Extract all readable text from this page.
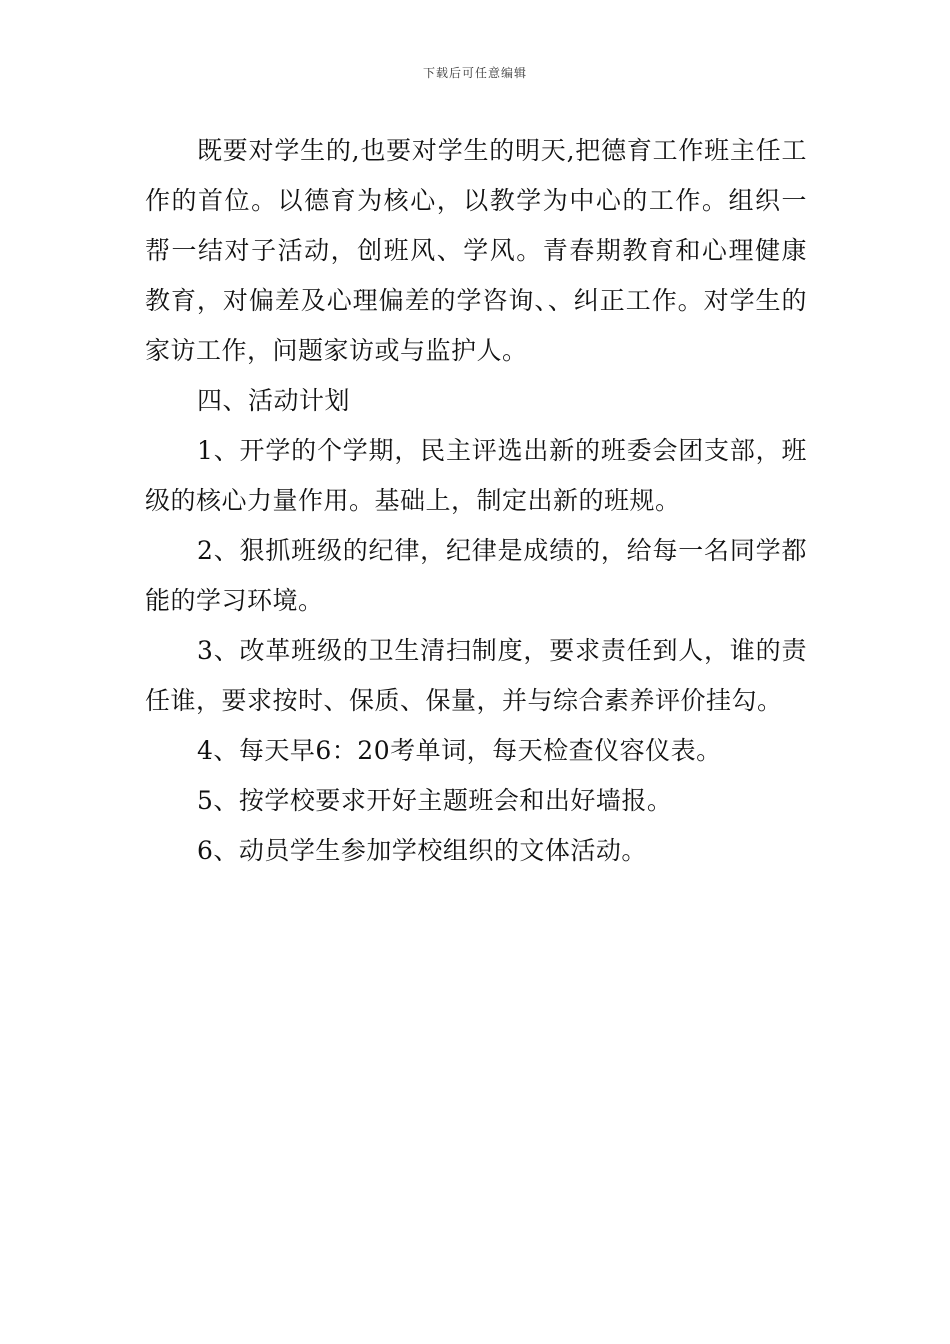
下载后可任意编辑

既要对学生的,也要对学生的明天,把德育工作班主任工作的首位。以德育为核心，以教学为中心的工作。组织一帮一结对子活动，创班风、学风。青春期教育和心理健康教育，对偏差及心理偏差的学咨询、、纠正工作。对学生的家访工作，问题家访或与监护人。

四、活动计划

1、开学的个学期，民主评选出新的班委会团支部，班级的核心力量作用。基础上，制定出新的班规。

2、狠抓班级的纪律，纪律是成绩的，给每一名同学都能的学习环境。

3、改革班级的卫生清扫制度，要求责任到人，谁的责任谁，要求按时、保质、保量，并与综合素养评价挂勾。

4、每天早6：20考单词，每天检查仪容仪表。

5、按学校要求开好主题班会和出好墙报。

6、动员学生参加学校组织的文体活动。
